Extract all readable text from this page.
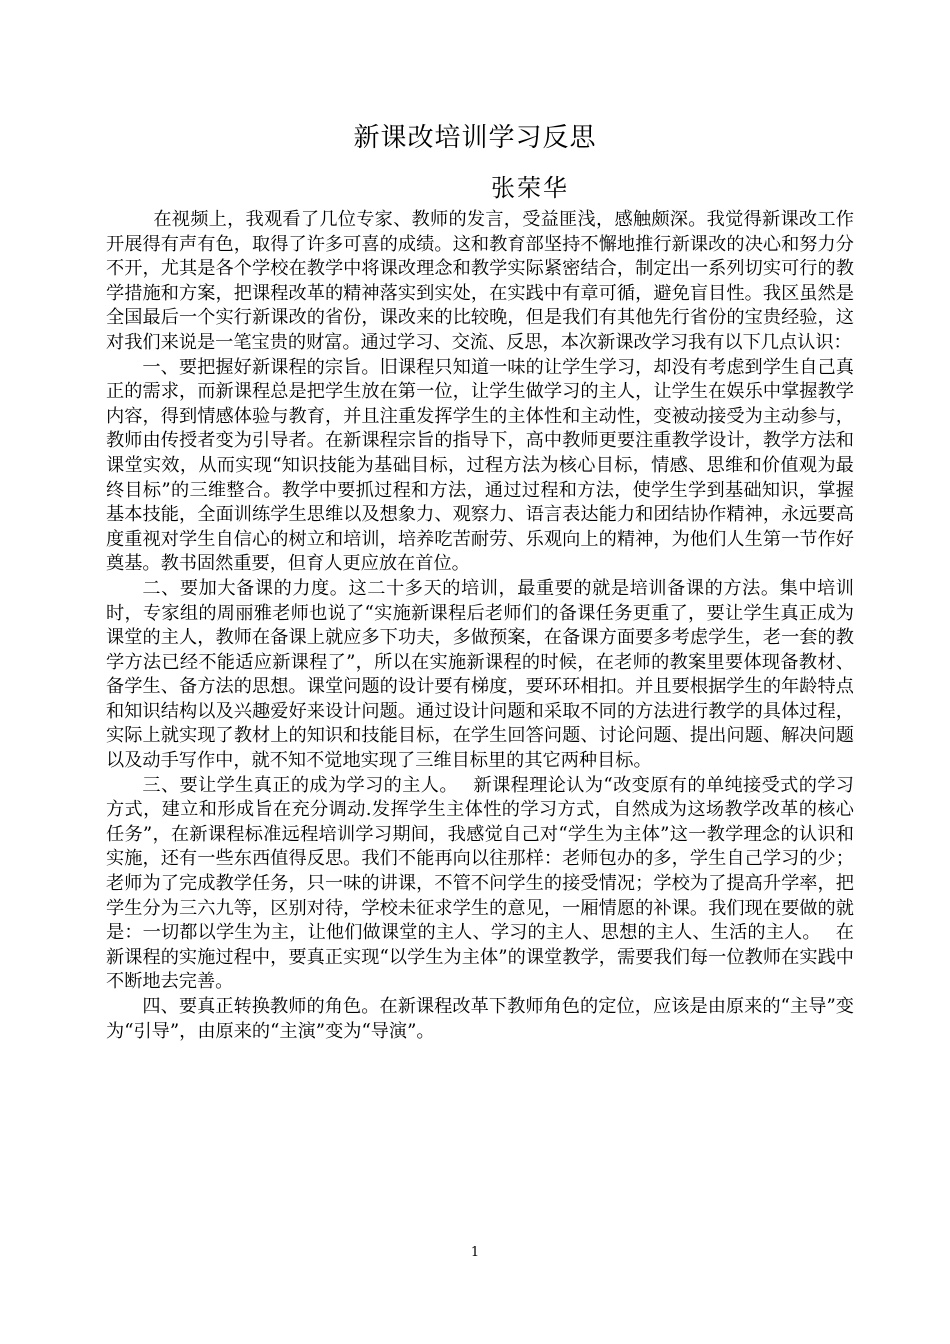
新课改培训学习反思
张荣华

在视频上，我观看了几位专家、教师的发言，受益匪浅，感触颇深。我觉得新课改工作开展得有声有色，取得了许多可喜的成绩。这和教育部坚持不懈地推行新课改的决心和努力分不开，尤其是各个学校在教学中将课改理念和教学实际紧密结合，制定出一系列切实可行的教学措施和方案，把课程改革的精神落实到实处，在实践中有章可循，避免盲目性。我区虽然是全国最后一个实行新课改的省份，课改来的比较晚，但是我们有其他先行省份的宝贵经验，这对我们来说是一笔宝贵的财富。通过学习、交流、反思，本次新课改学习我有以下几点认识：

一、要把握好新课程的宗旨。旧课程只知道一味的让学生学习，却没有考虑到学生自己真正的需求，而新课程总是把学生放在第一位，让学生做学习的主人，让学生在娱乐中掌握教学内容，得到情感体验与教育，并且注重发挥学生的主体性和主动性，变被动接受为主动参与，教师由传授者变为引导者。在新课程宗旨的指导下，高中教师更要注重教学设计，教学方法和课堂实效，从而实现“知识技能为基础目标，过程方法为核心目标，情感、思维和价值观为最终目标”的三维整合。教学中要抓过程和方法，通过过程和方法，使学生学到基础知识，掌握基本技能，全面训练学生思维以及想象力、观察力、语言表达能力和团结协作精神，永远要高度重视对学生自信心的树立和培训，培养吃苦耐劳、乐观向上的精神，为他们人生第一节作好奠基。教书固然重要，但育人更应放在首位。

二、要加大备课的力度。这二十多天的培训，最重要的就是培训备课的方法。集中培训时，专家组的周丽雅老师也说了“实施新课程后老师们的备课任务更重了，要让学生真正成为课堂的主人，教师在备课上就应多下功夫，多做预案，在备课方面要多考虑学生，老一套的教学方法已经不能适应新课程了”，所以在实施新课程的时候，在老师的教案里要体现备教材、备学生、备方法的思想。课堂问题的设计要有梯度，要环环相扣。并且要根据学生的年龄特点和知识结构以及兴趣爱好来设计问题。通过设计问题和采取不同的方法进行教学的具体过程，实际上就实现了教材上的知识和技能目标，在学生回答问题、讨论问题、提出问题、解决问题以及动手写作中，就不知不觉地实现了三维目标里的其它两种目标。

三、要让学生真正的成为学习的主人。　 新课程理论认为“改变原有的单纯接受式的学习方式，建立和形成旨在充分调动.发挥学生主体性的学习方式，自然成为这场教学改革的核心任务”，在新课程标准远程培训学习期间，我感觉自己对“学生为主体”这一教学理念的认识和实施，还有一些东西值得反思。我们不能再向以往那样：老师包办的多，学生自己学习的少；老师为了完成教学任务，只一味的讲课，不管不问学生的接受情况；学校为了提高升学率，把学生分为三六九等，区别对待，学校未征求学生的意见，一厢情愿的补课。我们现在要做的就是：一切都以学生为主，让他们做课堂的主人、学习的主人、思想的主人、生活的主人。　 在新课程的实施过程中，要真正实现“以学生为主体”的课堂教学，需要我们每一位教师在实践中不断地去完善。

四、要真正转换教师的角色。在新课程改革下教师角色的定位，应该是由原来的“主导”变为“引导”，由原来的“主演”变为“导演”。

1
